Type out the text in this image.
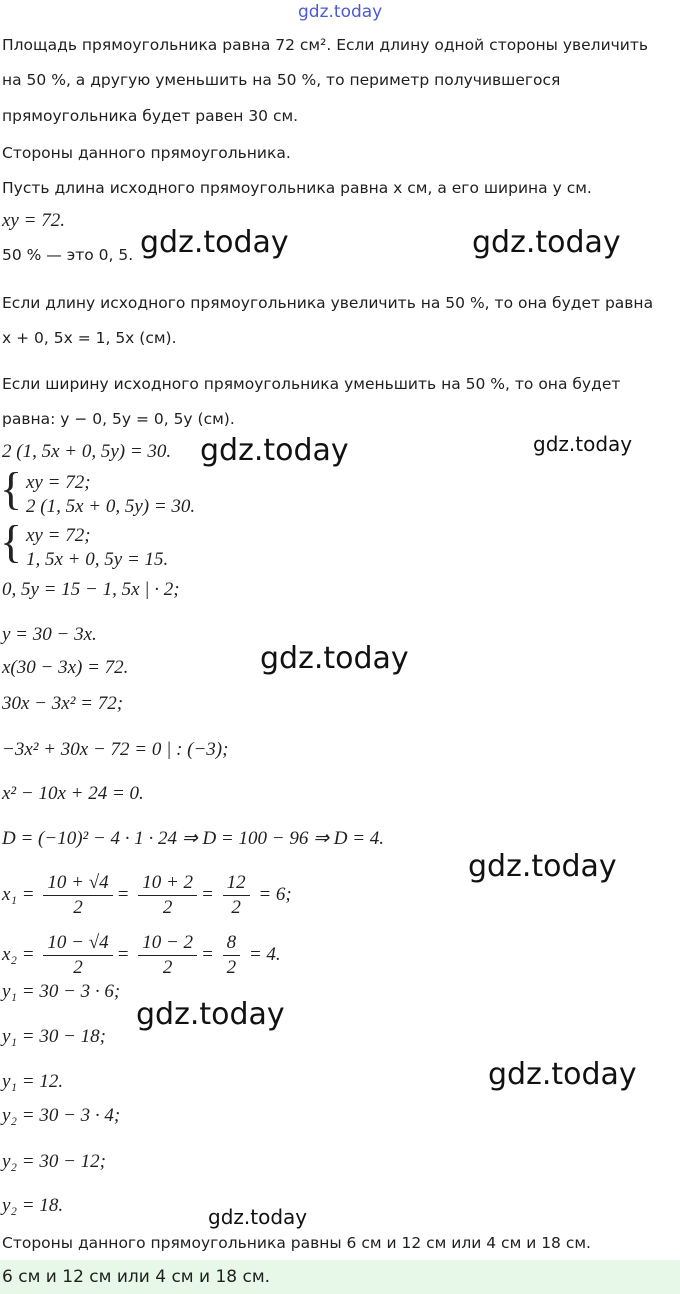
gdz.today
gdz.today	gdz.today
gdz.today	gdz.today
gdz.today
gdz.today
gdz.today
gdz.today
gdz.today
Площадь прямоугольника равна 72 см². Если длину одной стороны увеличить
на 50 %, а другую уменьшить на 50 %, то периметр получившегося
прямоугольника будет равен 30 см.
Стороны данного прямоугольника.
Пусть длина исходного прямоугольника равна x см, а его ширина y см.
xy = 72.
50 % — это 0, 5.
Если длину исходного прямоугольника увеличить на 50 %, то она будет равна
x + 0, 5x = 1, 5x (см).
Если ширину исходного прямоугольника уменьшить на 50 %, то она будет
равна: y − 0, 5y = 0, 5y (см).
2 (1, 5x + 0, 5y) = 30.
{ xy = 72;
2 (1, 5x + 0, 5y) = 30.
{ xy = 72;
1, 5x + 0, 5y = 15.
0, 5y = 15 − 1, 5x | · 2;
y = 30 − 3x.
x(30 − 3x) = 72.
30x − 3x² = 72;
−3x² + 30x − 72 = 0 | : (−3);
x² − 10x + 24 = 0.
D = (−10)² − 4 · 1 · 24 ⇒ D = 100 − 96 ⇒ D = 4.
$x_1 = \frac{10 + √4}{2} = \frac{10 + 2}{2} = \frac{12}{2} = 6$;
$x_2 = \frac{10 - √4}{2} = \frac{10 - 2}{2} = \frac{8}{2} = 4$.
y₁ = 30 − 3 · 6;
y₁ = 30 − 18;
y₁ = 12.
y₂ = 30 − 3 · 4;
y₂ = 30 − 12;
y₂ = 18.
Стороны данного прямоугольника равны 6 см и 12 см или 4 см и 18 см.
6 см и 12 см или 4 см и 18 см.
